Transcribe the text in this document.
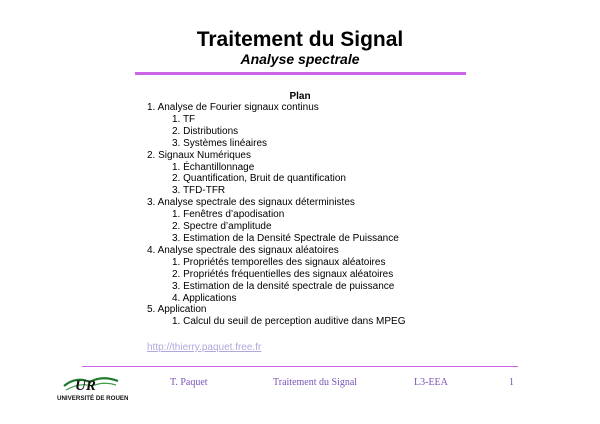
Traitement du Signal
Analyse spectrale
Plan
1. Analyse de Fourier signaux continus
1. TF
2. Distributions
3. Systèmes linéaires
2. Signaux Numériques
1. Échantillonnage
2. Quantification, Bruit de quantification
3. TFD-TFR
3. Analyse spectrale des signaux déterministes
1. Fenêtres d’apodisation
2. Spectre d’amplitude
3. Estimation de la Densité Spectrale de Puissance
4. Analyse spectrale des signaux aléatoires
1. Propriétés temporelles des signaux aléatoires
2. Propriétés fréquentielles des signaux aléatoires
3. Estimation de la densité spectrale de puissance
4. Applications
5. Application
1. Calcul du seuil de perception auditive dans MPEG
http://thierry.paquet.free.fr
UR
UNIVERSITÉ DE ROUEN
T. Paquet	Traitement du Signal	L3-EEA	1
